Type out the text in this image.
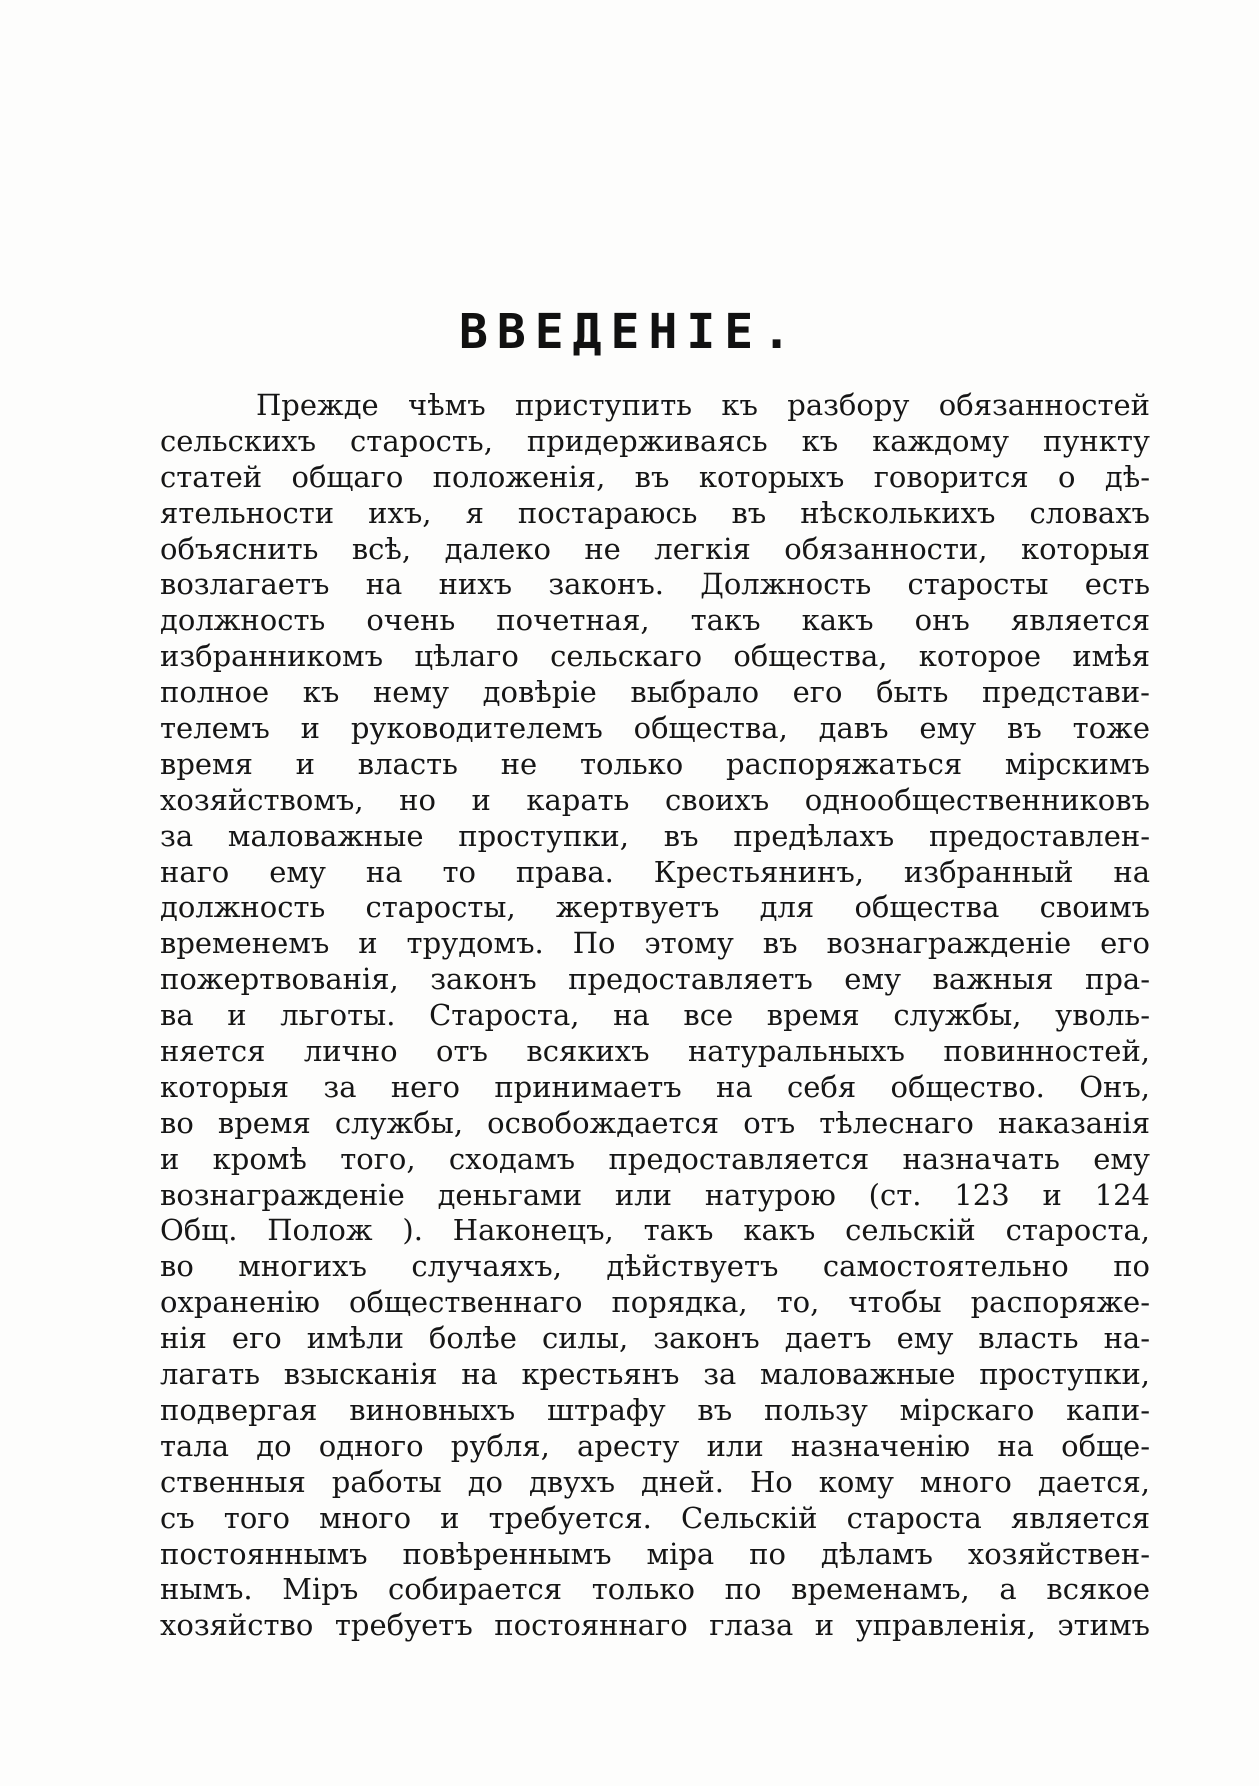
ВВЕДЕНІЕ.
Прежде чѣмъ приступить къ разбору обязанностей
сельскихъ старость, придерживаясь къ каждому пункту
статей общаго положенія, въ которыхъ говорится о дѣ-
ятельности ихъ, я постараюсь въ нѣсколькихъ словахъ
объяснить всѣ, далеко не легкія обязанности, которыя
возлагаетъ на нихъ законъ. Должность старосты есть
должность очень почетная, такъ какъ онъ является
избранникомъ цѣлаго сельскаго общества, которое имѣя
полное къ нему довѣріе выбрало его быть представи-
телемъ и руководителемъ общества, давъ ему въ тоже
время и власть не только распоряжаться мірскимъ
хозяйствомъ, но и карать своихъ однообщественниковъ
за маловажные проступки, въ предѣлахъ предоставлен-
наго ему на то права. Крестьянинъ, избранный на
должность старосты, жертвуетъ для общества своимъ
временемъ и трудомъ. По этому въ вознагражденіе его
пожертвованія, законъ предоставляетъ ему важныя пра-
ва и льготы. Староста, на все время службы, уволь-
няется лично отъ всякихъ натуральныхъ повинностей,
которыя за него принимаетъ на себя общество. Онъ,
во время службы, освобождается отъ тѣлеснаго наказанія
и кромѣ того, сходамъ предоставляется назначать ему
вознагражденіе деньгами или натурою (ст. 123 и 124
Общ. Полож ). Наконецъ, такъ какъ сельскій староста,
во многихъ случаяхъ, дѣйствуетъ самостоятельно по
охраненію общественнаго порядка, то, чтобы распоряже-
нія его имѣли болѣе силы, законъ даетъ ему власть на-
лагать взысканія на крестьянъ за маловажные проступки,
подвергая виновныхъ штрафу въ пользу мірскаго капи-
тала до одного рубля, аресту или назначенію на обще-
ственныя работы до двухъ дней. Но кому много дается,
съ того много и требуется. Сельскій староста является
постояннымъ повѣреннымъ міра по дѣламъ хозяйствен-
нымъ. Міръ собирается только по временамъ, а всякое
хозяйство требуетъ постояннаго глаза и управленія, этимъ
